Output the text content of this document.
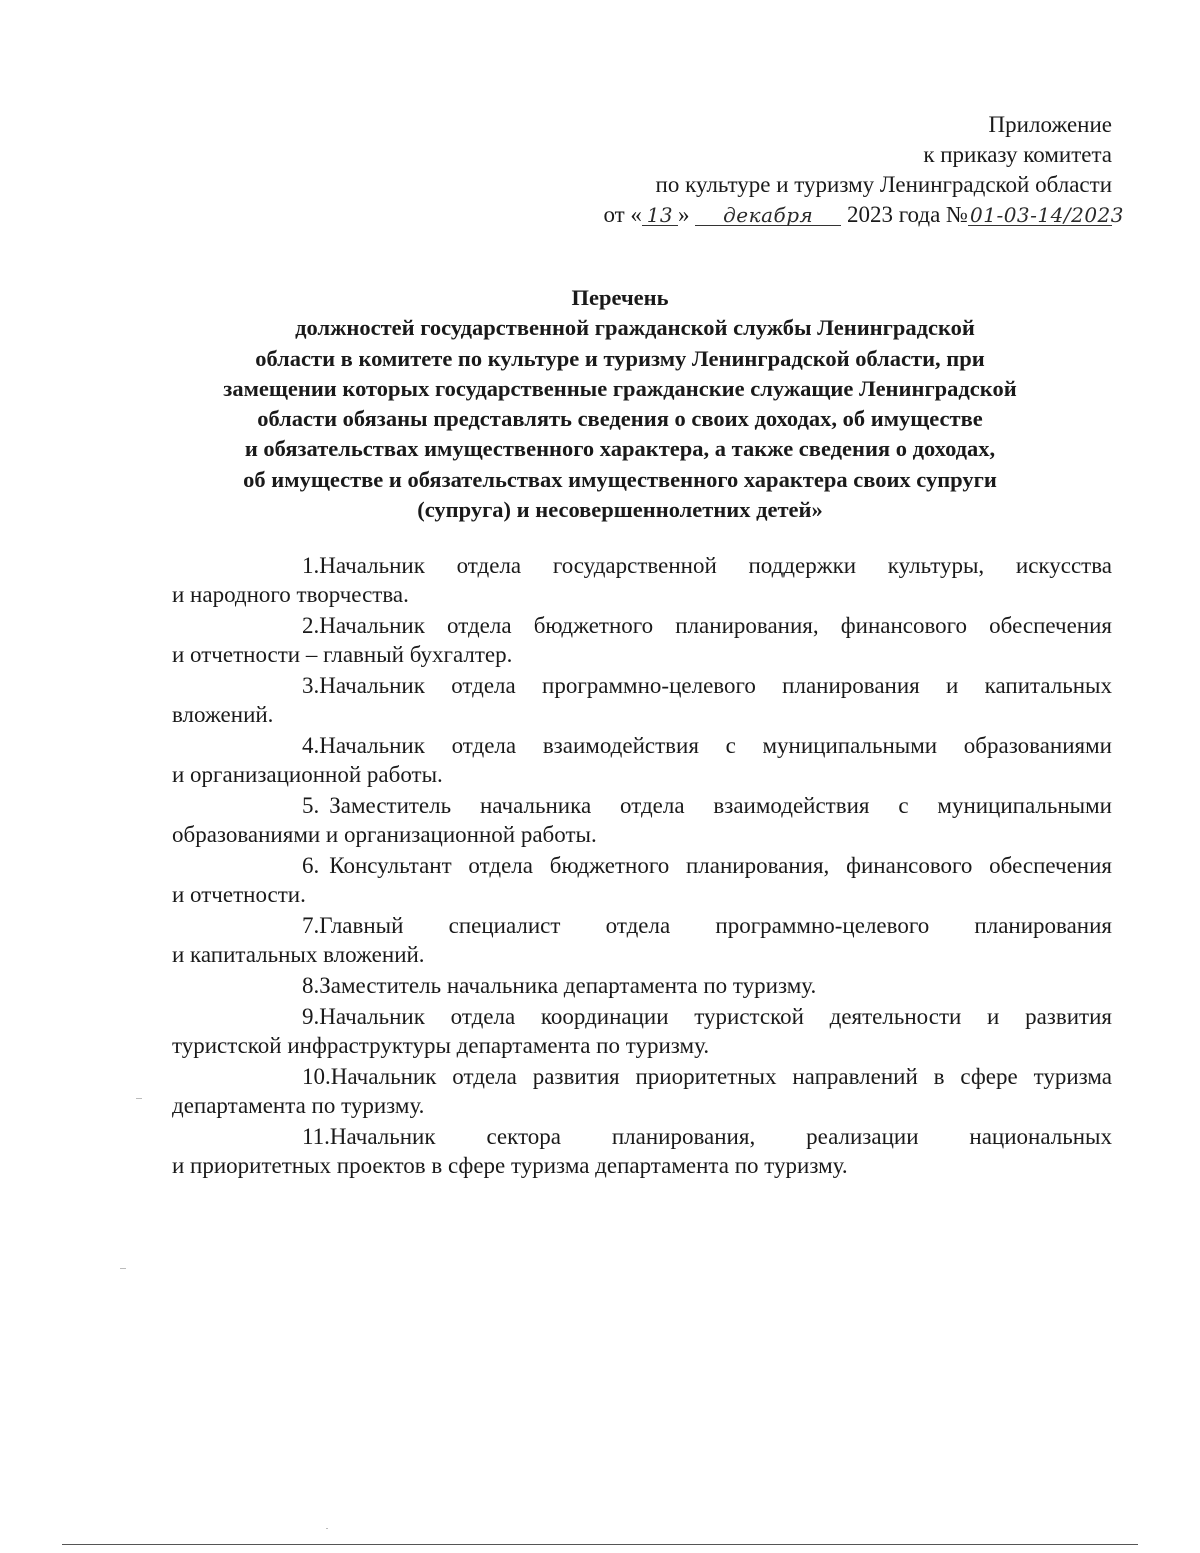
Приложение
к приказу комитета
по культуре и туризму Ленинградской области
от « 13 » декабря 2023 года № 01-03-14/2023
Перечень
должностей государственной гражданской службы Ленинградской
области в комитете по культуре и туризму Ленинградской области, при
замещении которых государственные гражданские служащие Ленинградской
области обязаны представлять сведения о своих доходах, об имуществе
и обязательствах имущественного характера, а также сведения о доходах,
об имуществе и обязательствах имущественного характера своих супруги
(супруга) и несовершеннолетних детей»
1.Начальник отдела государственной поддержки культуры, искусства
и народного творчества.
2.Начальник отдела бюджетного планирования, финансового обеспечения
и отчетности – главный бухгалтер.
3.Начальник отдела программно-целевого планирования и капитальных
вложений.
4.Начальник отдела взаимодействия с муниципальными образованиями
и организационной работы.
5. Заместитель начальника отдела взаимодействия с муниципальными
образованиями и организационной работы.
6. Консультант отдела бюджетного планирования, финансового обеспечения
и отчетности.
7.Главный специалист отдела программно-целевого планирования
и капитальных вложений.
8.Заместитель начальника департамента по туризму.
9.Начальник отдела координации туристской деятельности и развития
туристской инфраструктуры департамента по туризму.
10.Начальник отдела развития приоритетных направлений в сфере туризма
департамента по туризму.
11.Начальник сектора планирования, реализации национальных
и приоритетных проектов в сфере туризма департамента по туризму.
